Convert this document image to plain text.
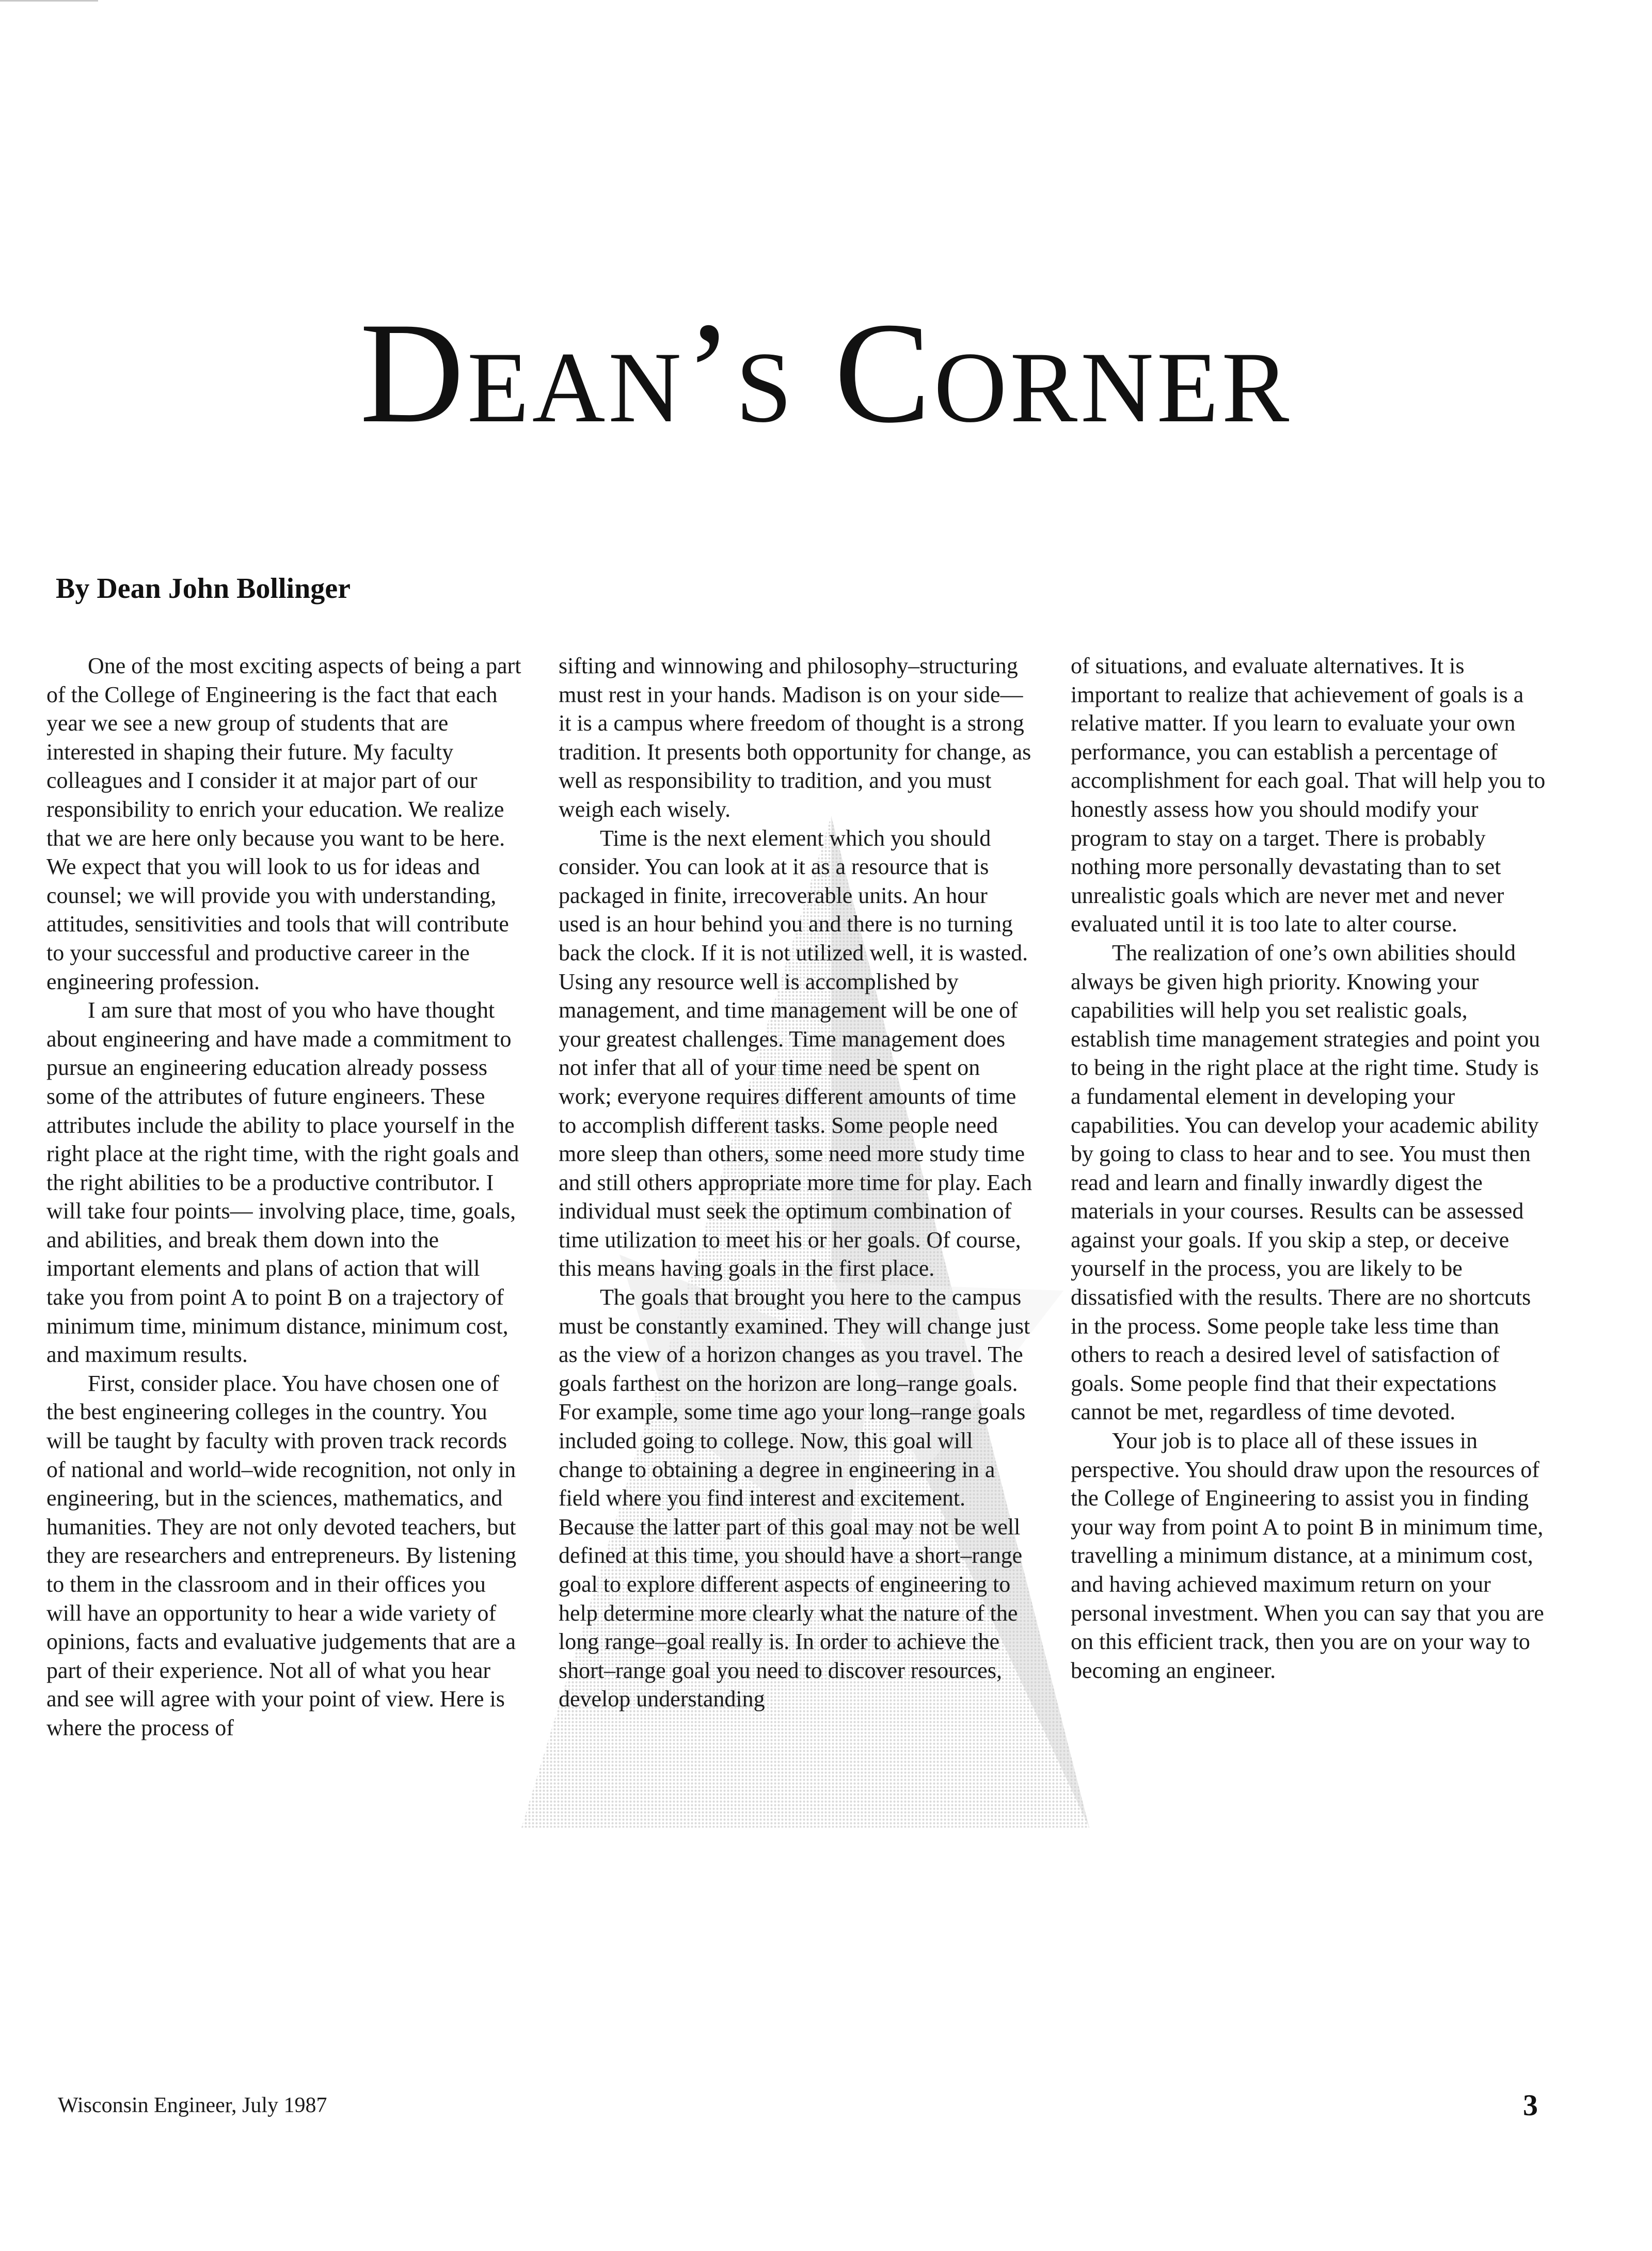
Dean’s Corner
By Dean John Bollinger

One of the most exciting aspects of being a part of the College of Engineering is the fact that each year we see a new group of students that are interested in shaping their future. My faculty colleagues and I consider it at major part of our responsibility to enrich your education. We realize that we are here only because you want to be here. We expect that you will look to us for ideas and counsel; we will provide you with understanding, attitudes, sensitivities and tools that will contribute to your successful and productive career in the engineering profession.

I am sure that most of you who have thought about engineering and have made a commitment to pursue an engineering education already possess some of the attributes of future engineers. These attributes include the ability to place yourself in the right place at the right time, with the right goals and the right abilities to be a productive contributor. I will take four points— involving place, time, goals, and abilities, and break them down into the important elements and plans of action that will take you from point A to point B on a trajectory of minimum time, minimum distance, minimum cost, and maximum results.

First, consider place. You have chosen one of the best engineering colleges in the country. You will be taught by faculty with proven track records of national and world–wide recognition, not only in engineering, but in the sciences, mathematics, and humanities. They are not only devoted teachers, but they are researchers and entrepreneurs. By listening to them in the classroom and in their offices you will have an opportunity to hear a wide variety of opinions, facts and evaluative judgements that are a part of their experience. Not all of what you hear and see will agree with your point of view. Here is where the process of

sifting and winnowing and philosophy–structuring must rest in your hands. Madison is on your side— it is a campus where freedom of thought is a strong tradition. It presents both opportunity for change, as well as responsibility to tradition, and you must weigh each wisely.

Time is the next element which you should consider. You can look at it as a resource that is packaged in finite, irrecoverable units. An hour used is an hour behind you and there is no turning back the clock. If it is not utilized well, it is wasted. Using any resource well is accomplished by management, and time management will be one of your greatest challenges. Time management does not infer that all of your time need be spent on work; everyone requires different amounts of time to accomplish different tasks. Some people need more sleep than others, some need more study time and still others appropriate more time for play. Each individual must seek the optimum combination of time utilization to meet his or her goals. Of course, this means having goals in the first place.

The goals that brought you here to the campus must be constantly examined. They will change just as the view of a horizon changes as you travel. The goals farthest on the horizon are long–range goals. For example, some time ago your long–range goals included going to college. Now, this goal will change to obtaining a degree in engineering in a field where you find interest and excitement. Because the latter part of this goal may not be well defined at this time, you should have a short–range goal to explore different aspects of engineering to help determine more clearly what the nature of the long range–goal really is. In order to achieve the short–range goal you need to discover resources, develop understanding

of situations, and evaluate alternatives. It is important to realize that achievement of goals is a relative matter. If you learn to evaluate your own performance, you can establish a percentage of accomplishment for each goal. That will help you to honestly assess how you should modify your program to stay on a target. There is probably nothing more personally devastating than to set unrealistic goals which are never met and never evaluated until it is too late to alter course.

The realization of one’s own abilities should always be given high priority. Knowing your capabilities will help you set realistic goals, establish time management strategies and point you to being in the right place at the right time. Study is a fundamental element in developing your capabilities. You can develop your academic ability by going to class to hear and to see. You must then read and learn and finally inwardly digest the materials in your courses. Results can be assessed against your goals. If you skip a step, or deceive yourself in the process, you are likely to be dissatisfied with the results. There are no shortcuts in the process. Some people take less time than others to reach a desired level of satisfaction of goals. Some people find that their expectations cannot be met, regardless of time devoted.

Your job is to place all of these issues in perspective. You should draw upon the resources of the College of Engineering to assist you in finding your way from point A to point B in minimum time, travelling a minimum distance, at a minimum cost, and having achieved maximum return on your personal investment. When you can say that you are on this efficient track, then you are on your way to becoming an engineer.

Wisconsin Engineer, July 1987	3
